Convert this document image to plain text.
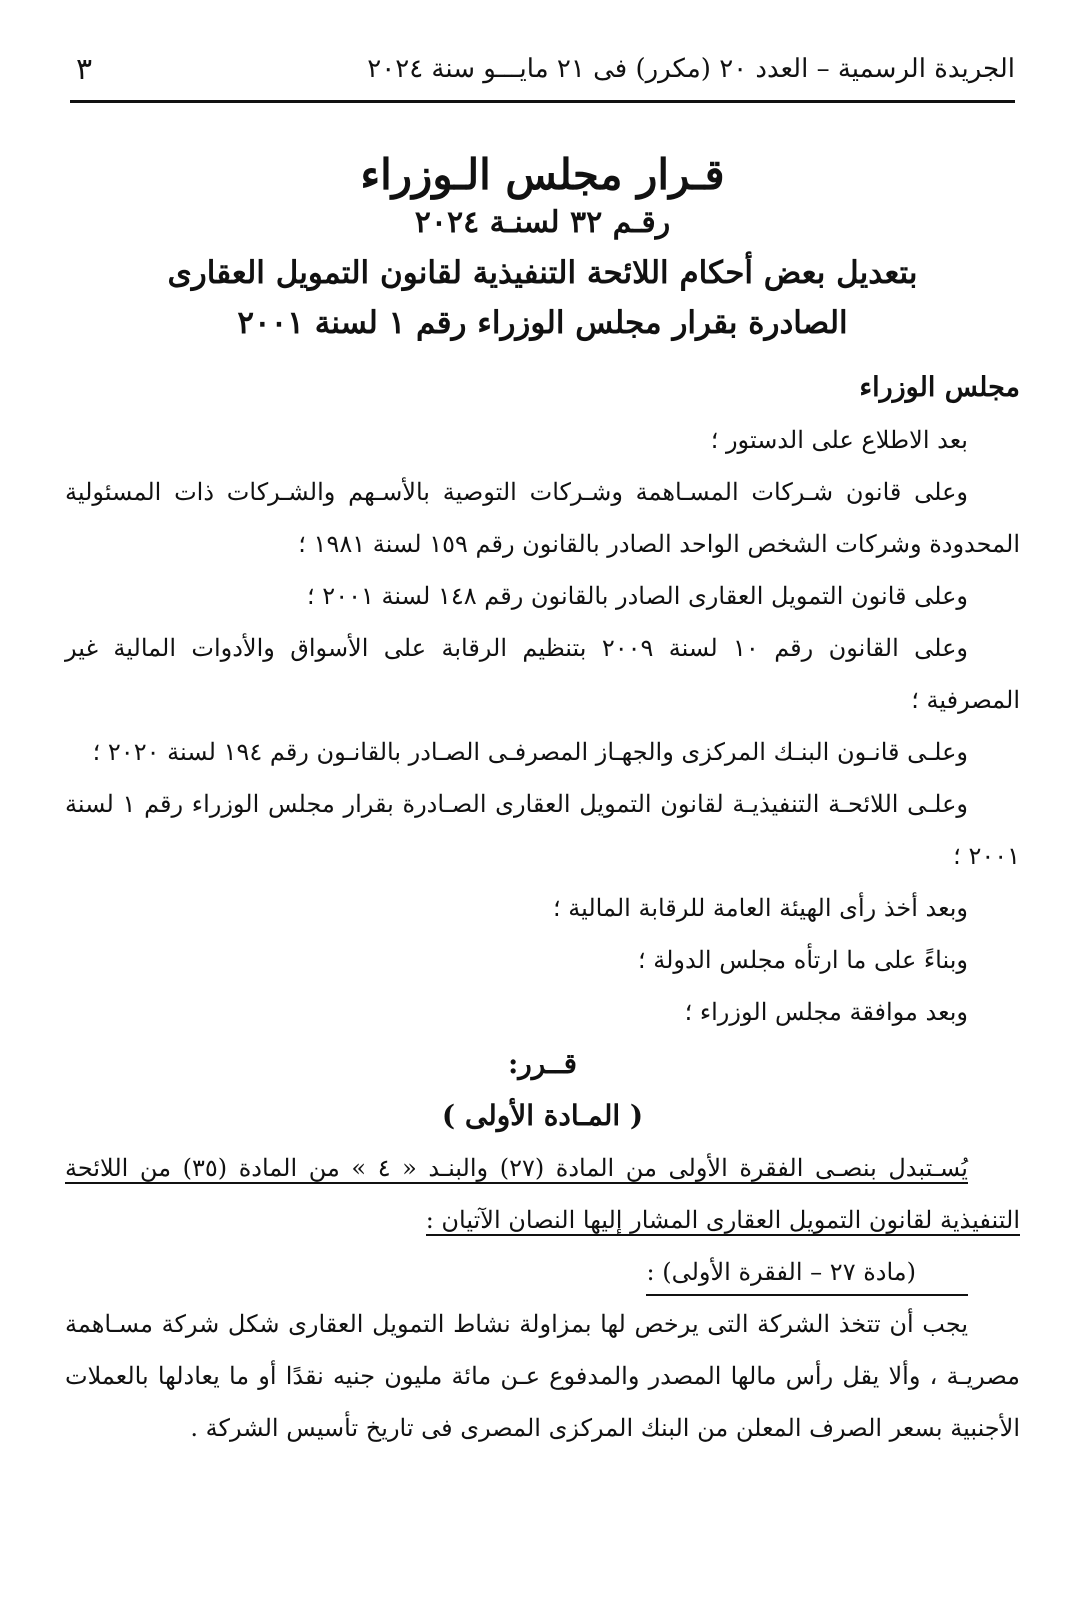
الجريدة الرسمية – العدد ٢٠ (مكرر) فى ٢١ مايـــو سنة ٢٠٢٤
٣
قـرار مجلس الـوزراء
رقـم ٣٢ لسنـة ٢٠٢٤
بتعديل بعض أحكام اللائحة التنفيذية لقانون التمويل العقارى
الصادرة بقرار مجلس الوزراء رقم ١ لسنة ٢٠٠١

مجلس الوزراء

بعد الاطلاع على الدستور ؛

وعلى قانون شـركات المسـاهمة وشـركات التوصية بالأسـهم والشـركات ذات المسئولية المحدودة وشركات الشخص الواحد الصادر بالقانون رقم ١٥٩ لسنة ١٩٨١ ؛

وعلى قانون التمويل العقارى الصادر بالقانون رقم ١٤٨ لسنة ٢٠٠١ ؛

وعلى القانون رقم ١٠ لسنة ٢٠٠٩ بتنظيم الرقابة على الأسواق والأدوات المالية غير المصرفية ؛

وعلـى قانـون البنـك المركزى والجهـاز المصرفـى الصـادر بالقانـون رقم ١٩٤ لسنة ٢٠٢٠ ؛

وعلـى اللائحـة التنفيذيـة لقانون التمويل العقارى الصـادرة بقرار مجلس الوزراء رقم ١ لسنة ٢٠٠١ ؛

وبعد أخذ رأى الهيئة العامة للرقابة المالية ؛

وبناءً على ما ارتأه مجلس الدولة ؛

وبعد موافقة مجلس الوزراء ؛

قــرر:

( المـادة الأولى )

يُسـتبدل بنصـى الفقرة الأولى من المادة (٢٧) والبنـد « ٤ » من المادة (٣٥) من اللائحة التنفيذية لقانون التمويل العقارى المشار إليها النصان الآتيان :

(مادة ٢٧ – الفقرة الأولى) :

يجب أن تتخذ الشركة التى يرخص لها بمزاولة نشاط التمويل العقارى شكل شركة مسـاهمة مصريـة ، وألا يقل رأس مالها المصدر والمدفوع عـن مائة مليون جنيه نقدًا أو ما يعادلها بالعملات الأجنبية بسعر الصرف المعلن من البنك المركزى المصرى فى تاريخ تأسيس الشركة .
